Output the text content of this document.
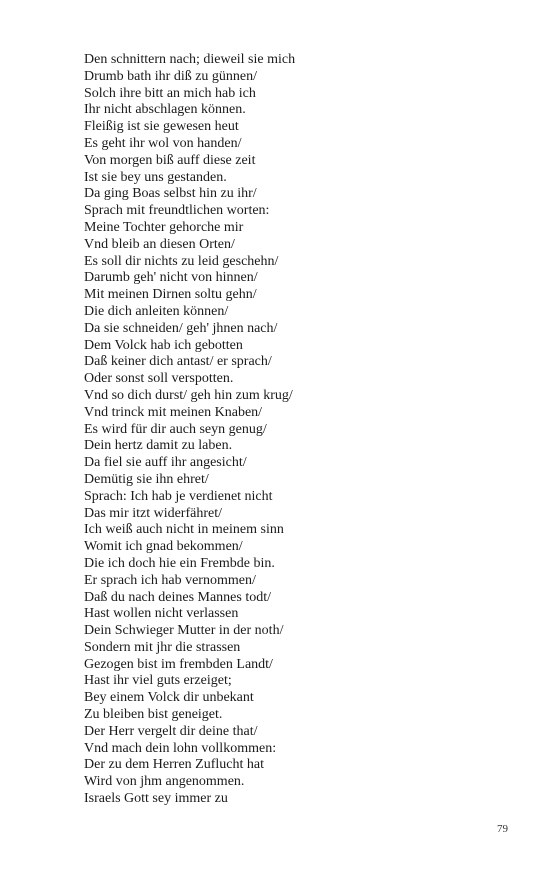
Den schnittern nach; dieweil sie mich
Drumb bath ihr diß zu günnen/
Solch ihre bitt an mich hab ich
Ihr nicht abschlagen können.
Fleißig ist sie gewesen heut
Es geht ihr wol von handen/
Von morgen biß auff diese zeit
Ist sie bey uns gestanden.
Da ging Boas selbst hin zu ihr/
Sprach mit freundtlichen worten:
Meine Tochter gehorche mir
Vnd bleib an diesen Orten/
Es soll dir nichts zu leid geschehn/
Darumb geh' nicht von hinnen/
Mit meinen Dirnen soltu gehn/
Die dich anleiten können/
Da sie schneiden/ geh' jhnen nach/
Dem Volck hab ich gebotten
Daß keiner dich antast/ er sprach/
Oder sonst soll verspotten.
Vnd so dich durst/ geh hin zum krug/
Vnd trinck mit meinen Knaben/
Es wird für dir auch seyn genug/
Dein hertz damit zu laben.
Da fiel sie auff ihr angesicht/
Demütig sie ihn ehret/
Sprach: Ich hab je verdienet nicht
Das mir itzt widerfähret/
Ich weiß auch nicht in meinem sinn
Womit ich gnad bekommen/
Die ich doch hie ein Frembde bin.
Er sprach ich hab vernommen/
Daß du nach deines Mannes todt/
Hast wollen nicht verlassen
Dein Schwieger Mutter in der noth/
Sondern mit jhr die strassen
Gezogen bist im frembden Landt/
Hast ihr viel guts erzeiget;
Bey einem Volck dir unbekant
Zu bleiben bist geneiget.
Der Herr vergelt dir deine that/
Vnd mach dein lohn vollkommen:
Der zu dem Herren Zuflucht hat
Wird von jhm angenommen.
Israels Gott sey immer zu
79
